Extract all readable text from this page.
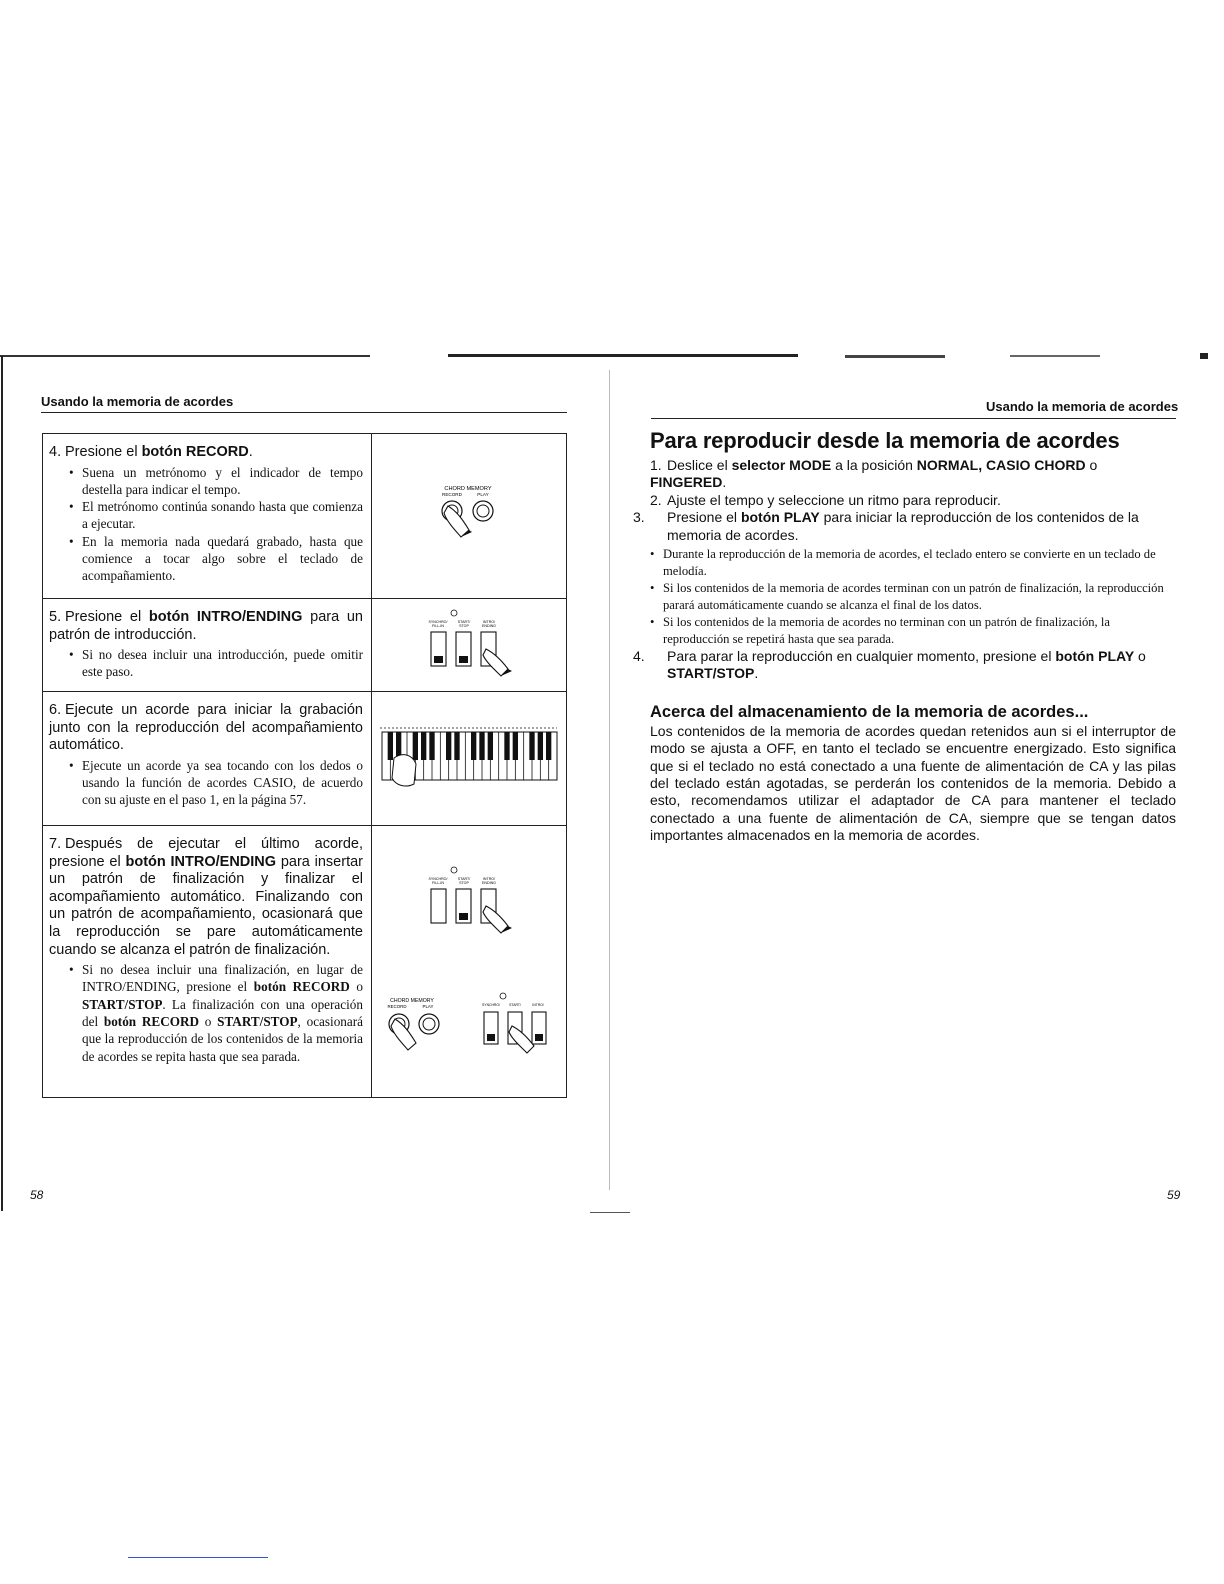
Usando la memoria de acordes
4. Presione el botón RECORD.
• Suena un metrónomo y el indicador de tempo destella para indicar el tempo.
• El metrónomo continúa sonando hasta que comienza a ejecutar.
• En la memoria nada quedará grabado, hasta que comience a tocar algo sobre el teclado de acompañamiento.
CHORD MEMORY
RECORD	PLAY
5. Presione el botón INTRO/ENDING para un patrón de introducción.
• Si no desea incluir una introducción, puede omitir este paso.
SYNCHRO/
FILL-IN
START/
STOP
INTRO/
ENDING
6. Ejecute un acorde para iniciar la grabación junto con la reproducción del acompañamiento automático.
• Ejecute un acorde ya sea tocando con los dedos o usando la función de acordes CASIO, de acuerdo con su ajuste en el paso 1, en la página 57.
7. Después de ejecutar el último acorde, presione el botón INTRO/ENDING para insertar un patrón de finalización y finalizar el acompañamiento automático. Finalizando con un patrón de acompañamiento, ocasionará que la reproducción se pare automáticamente cuando se alcanza el patrón de finalización.
• Si no desea incluir una finalización, en lugar de INTRO/ENDING, presione el botón RECORD o START/STOP. La finalización con una operación del botón RECORD o START/STOP, ocasionará que la reproducción de los contenidos de la memoria de acordes se repita hasta que sea parada.
SYNCHRO/
FILL-IN
START/
STOP
INTRO/
ENDING
CHORD MEMORY
RECORD	PLAY	SYNCHRO/	START/	INTRO/
58
Usando la memoria de acordes
Para reproducir desde la memoria de acordes
1. Deslice el selector MODE a la posición NORMAL, CASIO CHORD o FINGERED.
2. Ajuste el tempo y seleccione un ritmo para reproducir.
3. Presione el botón PLAY para iniciar la reproducción de los contenidos de la memoria de acordes.
• Durante la reproducción de la memoria de acordes, el teclado entero se convierte en un teclado de melodía.
• Si los contenidos de la memoria de acordes terminan con un patrón de finalización, la reproducción parará automáticamente cuando se alcanza el final de los datos.
• Si los contenidos de la memoria de acordes no terminan con un patrón de finalización, la reproducción se repetirá hasta que sea parada.
4. Para parar la reproducción en cualquier momento, presione el botón PLAY o START/STOP.
Acerca del almacenamiento de la memoria de acordes...
Los contenidos de la memoria de acordes quedan retenidos aun si el interruptor de modo se ajusta a OFF, en tanto el teclado se encuentre energizado. Esto significa que si el teclado no está conectado a una fuente de alimentación de CA y las pilas del teclado están agotadas, se perderán los contenidos de la memoria. Debido a esto, recomendamos utilizar el adaptador de CA para mantener el teclado conectado a una fuente de alimentación de CA, siempre que se tengan datos importantes almacenados en la memoria de acordes.
59
